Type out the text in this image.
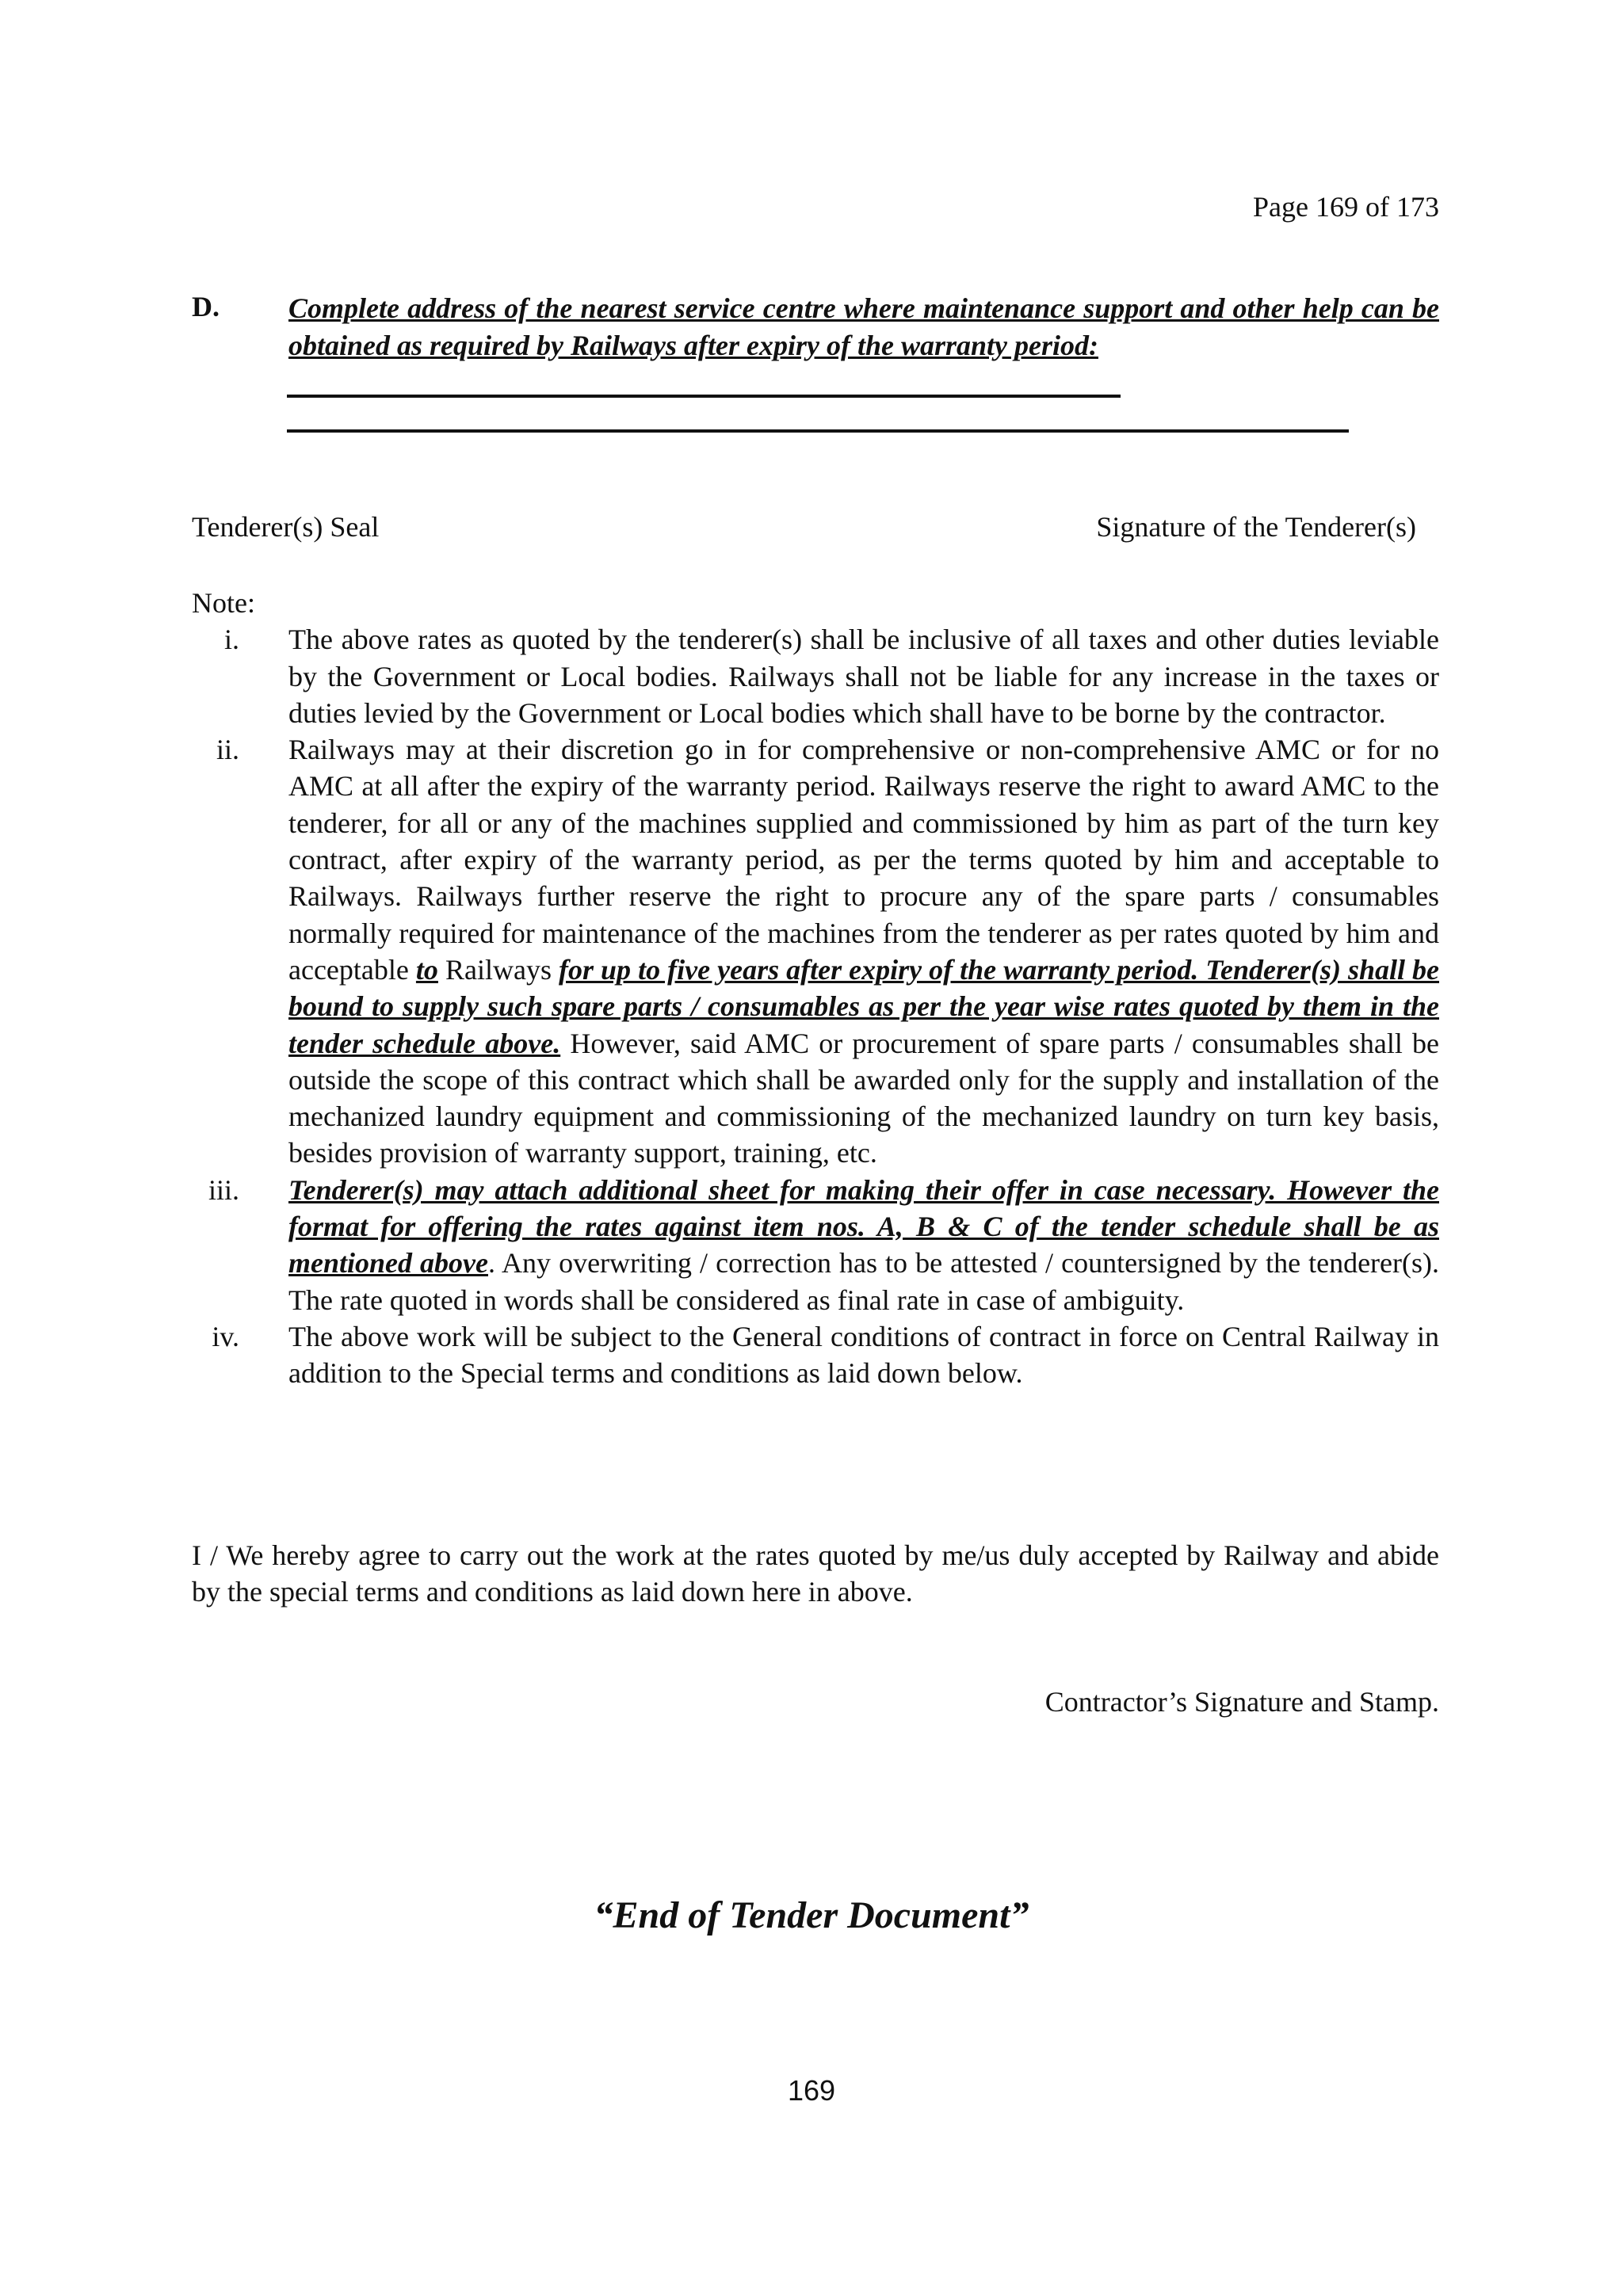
Page 169 of 173
D. Complete address of the nearest service centre where maintenance support and other help can be obtained as required by Railways after expiry of the warranty period:
Tenderer(s) Seal	Signature of the Tenderer(s)
Note:
i.	The above rates as quoted by the tenderer(s) shall be inclusive of all taxes and other duties leviable by the Government or Local bodies. Railways shall not be liable for any increase in the taxes or duties levied by the Government or Local bodies which shall have to be borne by the contractor.
ii.	Railways may at their discretion go in for comprehensive or non-comprehensive AMC or for no AMC at all after the expiry of the warranty period. Railways reserve the right to award AMC to the tenderer, for all or any of the machines supplied and commissioned by him as part of the turn key contract, after expiry of the warranty period, as per the terms quoted by him and acceptable to Railways. Railways further reserve the right to procure any of the spare parts / consumables normally required for maintenance of the machines from the tenderer as per rates quoted by him and acceptable to Railways for up to five years after expiry of the warranty period. Tenderer(s) shall be bound to supply such spare parts / consumables as per the year wise rates quoted by them in the tender schedule above. However, said AMC or procurement of spare parts / consumables shall be outside the scope of this contract which shall be awarded only for the supply and installation of the mechanized laundry equipment and commissioning of the mechanized laundry on turn key basis, besides provision of warranty support, training, etc.
iii.	Tenderer(s) may attach additional sheet for making their offer in case necessary. However the format for offering the rates against item nos. A, B & C of the tender schedule shall be as mentioned above. Any overwriting / correction has to be attested / countersigned by the tenderer(s). The rate quoted in words shall be considered as final rate in case of ambiguity.
iv.	The above work will be subject to the General conditions of contract in force on Central Railway in addition to the Special terms and conditions as laid down below.
I / We hereby agree to carry out the work at the rates quoted by me/us duly accepted by Railway and abide by the special terms and conditions as laid down here in above.
Contractor’s Signature and Stamp.
“End of Tender Document”
169
